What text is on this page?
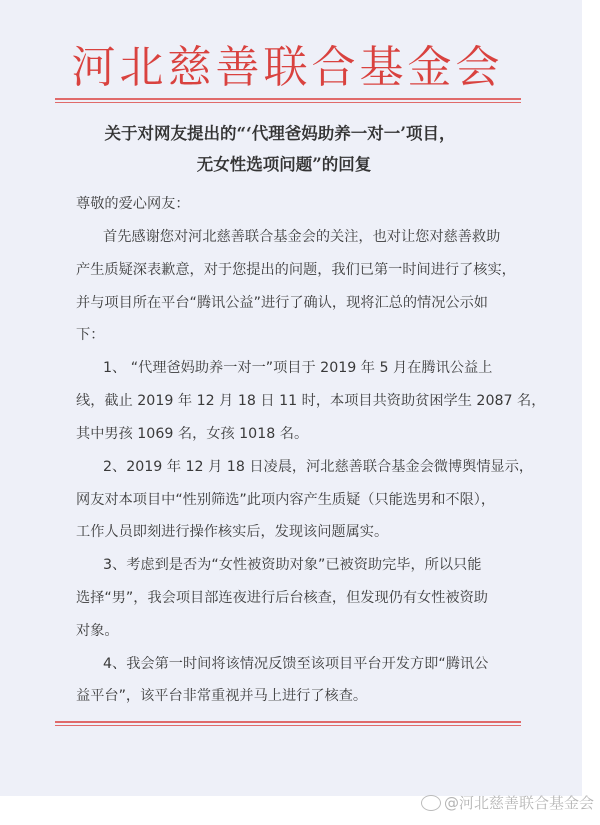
河北慈善联合基金会
关于对网友提出的“‘代理爸妈助养一对一’项目，
无女性选项问题”的回复
尊敬的爱心网友：
首先感谢您对河北慈善联合基金会的关注，也对让您对慈善救助
产生质疑深表歉意，对于您提出的问题，我们已第一时间进行了核实，
并与项目所在平台“腾讯公益”进行了确认，现将汇总的情况公示如
下：
1、 “代理爸妈助养一对一”项目于 2019 年 5 月在腾讯公益上
线，截止 2019 年 12 月 18 日 11 时，本项目共资助贫困学生 2087 名，
其中男孩 1069 名，女孩 1018 名。
2、2019 年 12 月 18 日凌晨，河北慈善联合基金会微博舆情显示，
网友对本项目中“性别筛选”此项内容产生质疑（只能选男和不限），
工作人员即刻进行操作核实后，发现该问题属实。
3、考虑到是否为“女性被资助对象”已被资助完毕，所以只能
选择“男”，我会项目部连夜进行后台核查，但发现仍有女性被资助
对象。
4、我会第一时间将该情况反馈至该项目平台开发方即“腾讯公
益平台”，该平台非常重视并马上进行了核查。
@河北慈善联合基金会
